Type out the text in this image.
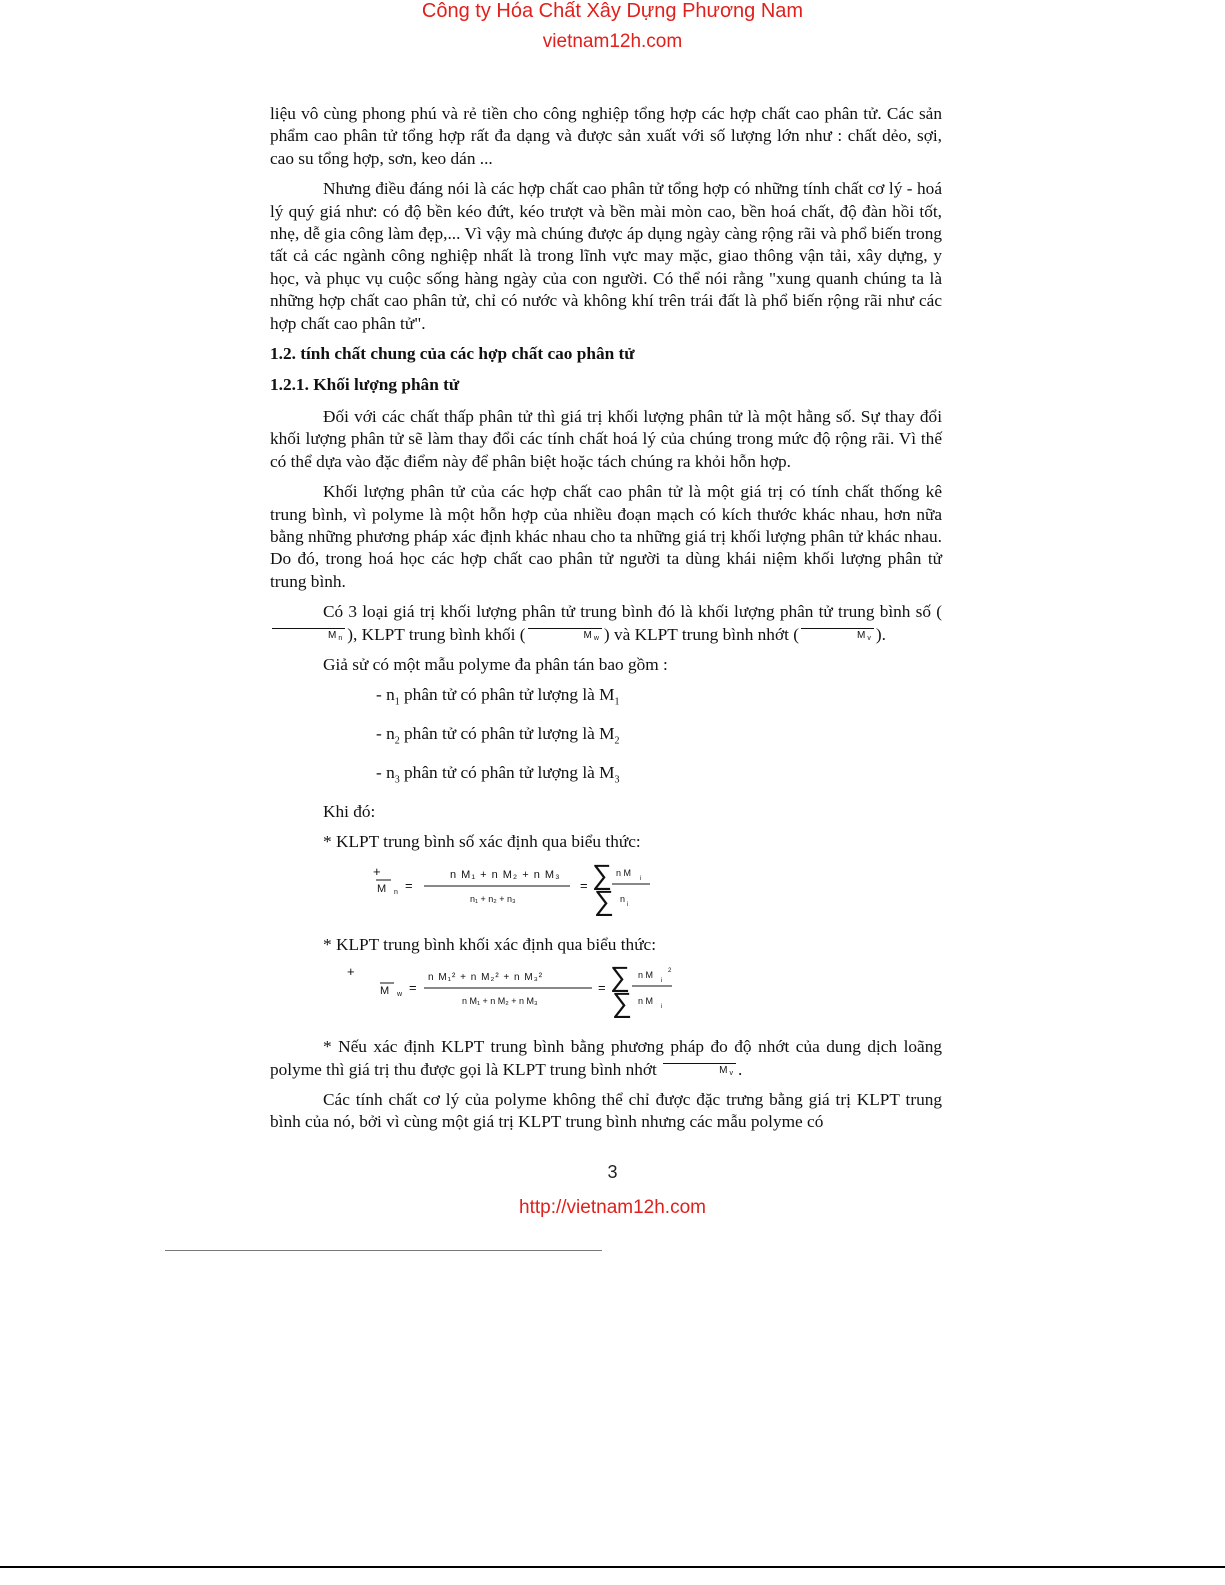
Công ty Hóa Chất Xây Dựng Phương Nam
vietnam12h.com

liệu vô cùng phong phú và rẻ tiền cho công nghiệp tổng hợp các hợp chất cao phân tử. Các sản phẩm cao phân tử tổng hợp rất đa dạng và được sản xuất với số lượng lớn như : chất dẻo, sợi, cao su tổng hợp, sơn, keo dán ...

Nhưng điều đáng nói là các hợp chất cao phân tử tổng hợp có những tính chất cơ lý - hoá lý quý giá như: có độ bền kéo đứt, kéo trượt và bền mài mòn cao, bền hoá chất, độ đàn hồi tốt, nhẹ, dễ gia công làm đẹp,... Vì vậy mà chúng được áp dụng ngày càng rộng rãi và phổ biến trong tất cả các ngành công nghiệp nhất là trong lĩnh vực may mặc, giao thông vận tải, xây dựng, y học, và phục vụ cuộc sống hàng ngày của con người. Có thể nói rằng "xung quanh chúng ta là những hợp chất cao phân tử, chỉ có nước và không khí trên trái đất là phổ biến rộng rãi như các hợp chất cao phân tử".

1.2. tính chất chung của các hợp chất cao phân tử

1.2.1. Khối lượng phân tử

Đối với các chất thấp phân tử thì giá trị khối lượng phân tử là một hằng số. Sự thay đổi khối lượng phân tử sẽ làm thay đổi các tính chất hoá lý của chúng trong mức độ rộng rãi. Vì thế có thể dựa vào đặc điểm này để phân biệt hoặc tách chúng ra khỏi hỗn hợp.

Khối lượng phân tử của các hợp chất cao phân tử là một giá trị có tính chất thống kê trung bình, vì polyme là một hỗn hợp của nhiều đoạn mạch có kích thước khác nhau, hơn nữa bằng những phương pháp xác định khác nhau cho ta những giá trị khối lượng phân tử khác nhau. Do đó, trong hoá học các hợp chất cao phân tử người ta dùng khái niệm khối lượng phân tử trung bình.

Có 3 loại giá trị khối lượng phân tử trung bình đó là khối lượng phân tử trung bình số (M $_n$ ), KLPT trung bình khối (	M $_w$ ) và KLPT trung bình nhớt (	M $_v$ ).

Giả sử có một mẫu polyme đa phân tán bao gồm :

- $n_1$ phân tử có phân tử lượng là $M_1$

- $n_2$ phân tử có phân tử lượng là $M_2$

- $n_3$ phân tử có phân tử lượng là $M_3$

Khi đó:

* KLPT trung bình số xác định qua biểu thức:

+
M n =
n M₁ + n M₂ + n M₃
n₁ + n₂ + n₃
= ∑ n M
i
∑ n
i

* KLPT trung bình khối xác định qua biểu thức:

+
M w =
n M₁² + n M₂² + n M₃²
n M₁ + n M₂ + n M₃
= ∑ n M
i
2
∑ n M
i

* Nếu xác định KLPT trung bình bằng phương pháp đo độ nhớt của dung dịch loãng polyme thì giá trị thu được gọi là KLPT trung bình nhớt	M $_v$ .

Các tính chất cơ lý của polyme không thể chỉ được đặc trưng bằng giá trị KLPT trung bình của nó, bởi vì cùng một giá trị KLPT trung bình nhưng các mẫu polyme có

3
http://vietnam12h.com
